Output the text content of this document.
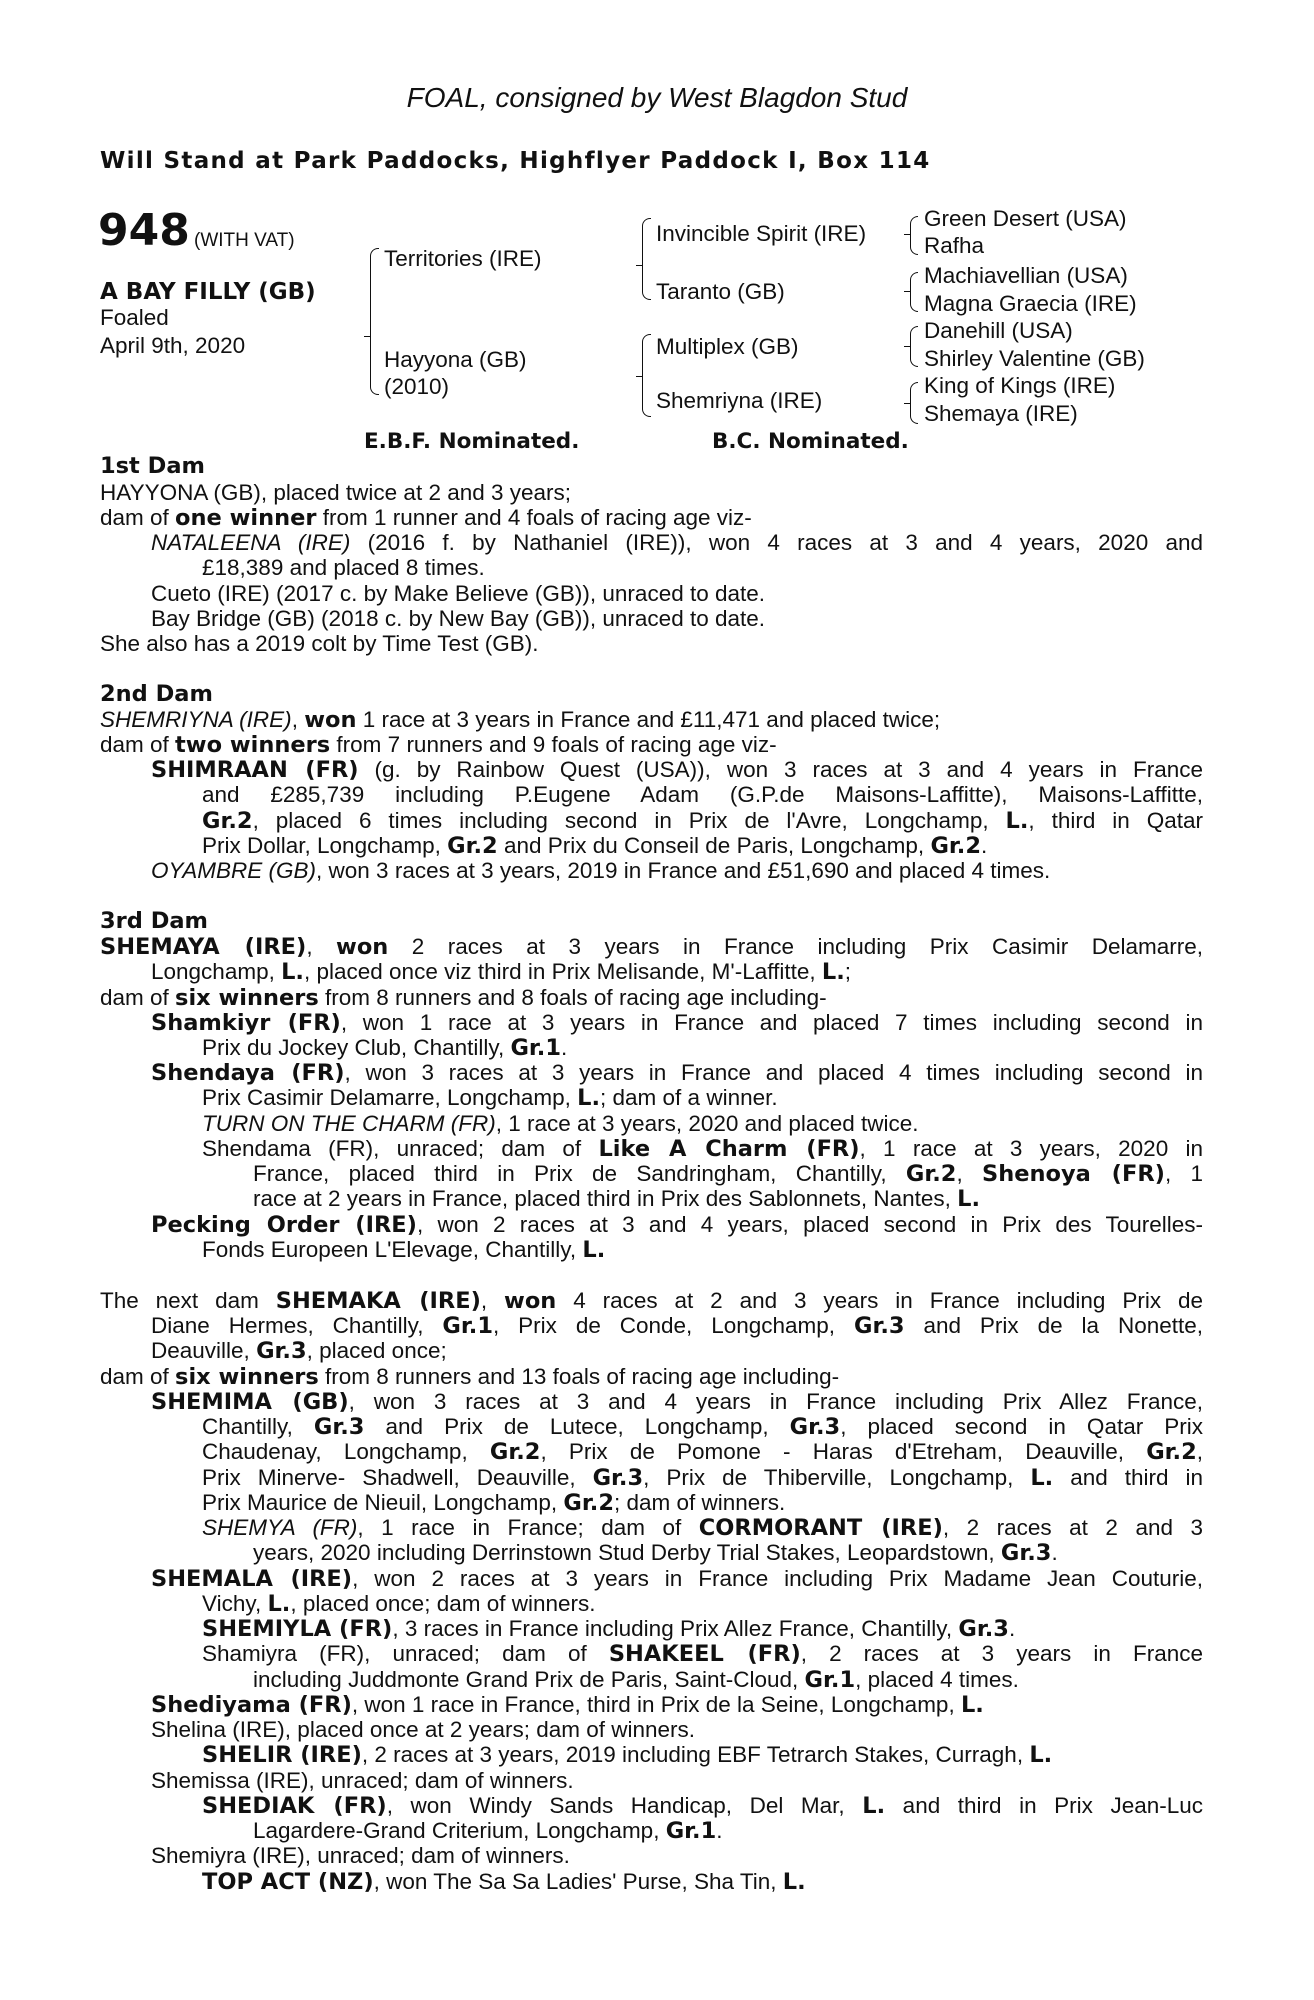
FOAL, consigned by West Blagdon Stud
Will Stand at Park Paddocks, Highflyer Paddock I, Box 114
948 (WITH VAT)
A BAY FILLY (GB)
Foaled
April 9th, 2020
Territories (IRE)
Hayyona (GB)
(2010)
Invincible Spirit (IRE)
Taranto (GB)
Multiplex (GB)
Shemriyna (IRE)
Green Desert (USA)
Rafha
Machiavellian (USA)
Magna Graecia (IRE)
Danehill (USA)
Shirley Valentine (GB)
King of Kings (IRE)
Shemaya (IRE)
E.B.F. Nominated.	B.C. Nominated.
1st Dam
HAYYONA (GB), placed twice at 2 and 3 years;
dam of one winner from 1 runner and 4 foals of racing age viz-
NATALEENA (IRE) (2016 f. by Nathaniel (IRE)), won 4 races at 3 and 4 years, 2020 and
£18,389 and placed 8 times.
Cueto (IRE) (2017 c. by Make Believe (GB)), unraced to date.
Bay Bridge (GB) (2018 c. by New Bay (GB)), unraced to date.
She also has a 2019 colt by Time Test (GB).
2nd Dam
SHEMRIYNA (IRE), won 1 race at 3 years in France and £11,471 and placed twice;
dam of two winners from 7 runners and 9 foals of racing age viz-
SHIMRAAN (FR) (g. by Rainbow Quest (USA)), won 3 races at 3 and 4 years in France
and £285,739 including P.Eugene Adam (G.P.de Maisons-Laffitte), Maisons-Laffitte,
Gr.2, placed 6 times including second in Prix de l'Avre, Longchamp, L., third in Qatar
Prix Dollar, Longchamp, Gr.2 and Prix du Conseil de Paris, Longchamp, Gr.2.
OYAMBRE (GB), won 3 races at 3 years, 2019 in France and £51,690 and placed 4 times.
3rd Dam
SHEMAYA (IRE), won 2 races at 3 years in France including Prix Casimir Delamarre,
Longchamp, L., placed once viz third in Prix Melisande, M'-Laffitte, L.;
dam of six winners from 8 runners and 8 foals of racing age including-
Shamkiyr (FR), won 1 race at 3 years in France and placed 7 times including second in
Prix du Jockey Club, Chantilly, Gr.1.
Shendaya (FR), won 3 races at 3 years in France and placed 4 times including second in
Prix Casimir Delamarre, Longchamp, L.; dam of a winner.
TURN ON THE CHARM (FR), 1 race at 3 years, 2020 and placed twice.
Shendama (FR), unraced; dam of Like A Charm (FR), 1 race at 3 years, 2020 in
France, placed third in Prix de Sandringham, Chantilly, Gr.2, Shenoya (FR), 1
race at 2 years in France, placed third in Prix des Sablonnets, Nantes, L.
Pecking Order (IRE), won 2 races at 3 and 4 years, placed second in Prix des Tourelles-
Fonds Europeen L'Elevage, Chantilly, L.
The next dam SHEMAKA (IRE), won 4 races at 2 and 3 years in France including Prix de
Diane Hermes, Chantilly, Gr.1, Prix de Conde, Longchamp, Gr.3 and Prix de la Nonette,
Deauville, Gr.3, placed once;
dam of six winners from 8 runners and 13 foals of racing age including-
SHEMIMA (GB), won 3 races at 3 and 4 years in France including Prix Allez France,
Chantilly, Gr.3 and Prix de Lutece, Longchamp, Gr.3, placed second in Qatar Prix
Chaudenay, Longchamp, Gr.2, Prix de Pomone - Haras d'Etreham, Deauville, Gr.2,
Prix Minerve- Shadwell, Deauville, Gr.3, Prix de Thiberville, Longchamp, L. and third in
Prix Maurice de Nieuil, Longchamp, Gr.2; dam of winners.
SHEMYA (FR), 1 race in France; dam of CORMORANT (IRE), 2 races at 2 and 3
years, 2020 including Derrinstown Stud Derby Trial Stakes, Leopardstown, Gr.3.
SHEMALA (IRE), won 2 races at 3 years in France including Prix Madame Jean Couturie,
Vichy, L., placed once; dam of winners.
SHEMIYLA (FR), 3 races in France including Prix Allez France, Chantilly, Gr.3.
Shamiyra (FR), unraced; dam of SHAKEEL (FR), 2 races at 3 years in France
including Juddmonte Grand Prix de Paris, Saint-Cloud, Gr.1, placed 4 times.
Shediyama (FR), won 1 race in France, third in Prix de la Seine, Longchamp, L.
Shelina (IRE), placed once at 2 years; dam of winners.
SHELIR (IRE), 2 races at 3 years, 2019 including EBF Tetrarch Stakes, Curragh, L.
Shemissa (IRE), unraced; dam of winners.
SHEDIAK (FR), won Windy Sands Handicap, Del Mar, L. and third in Prix Jean-Luc
Lagardere-Grand Criterium, Longchamp, Gr.1.
Shemiyra (IRE), unraced; dam of winners.
TOP ACT (NZ), won The Sa Sa Ladies' Purse, Sha Tin, L.
